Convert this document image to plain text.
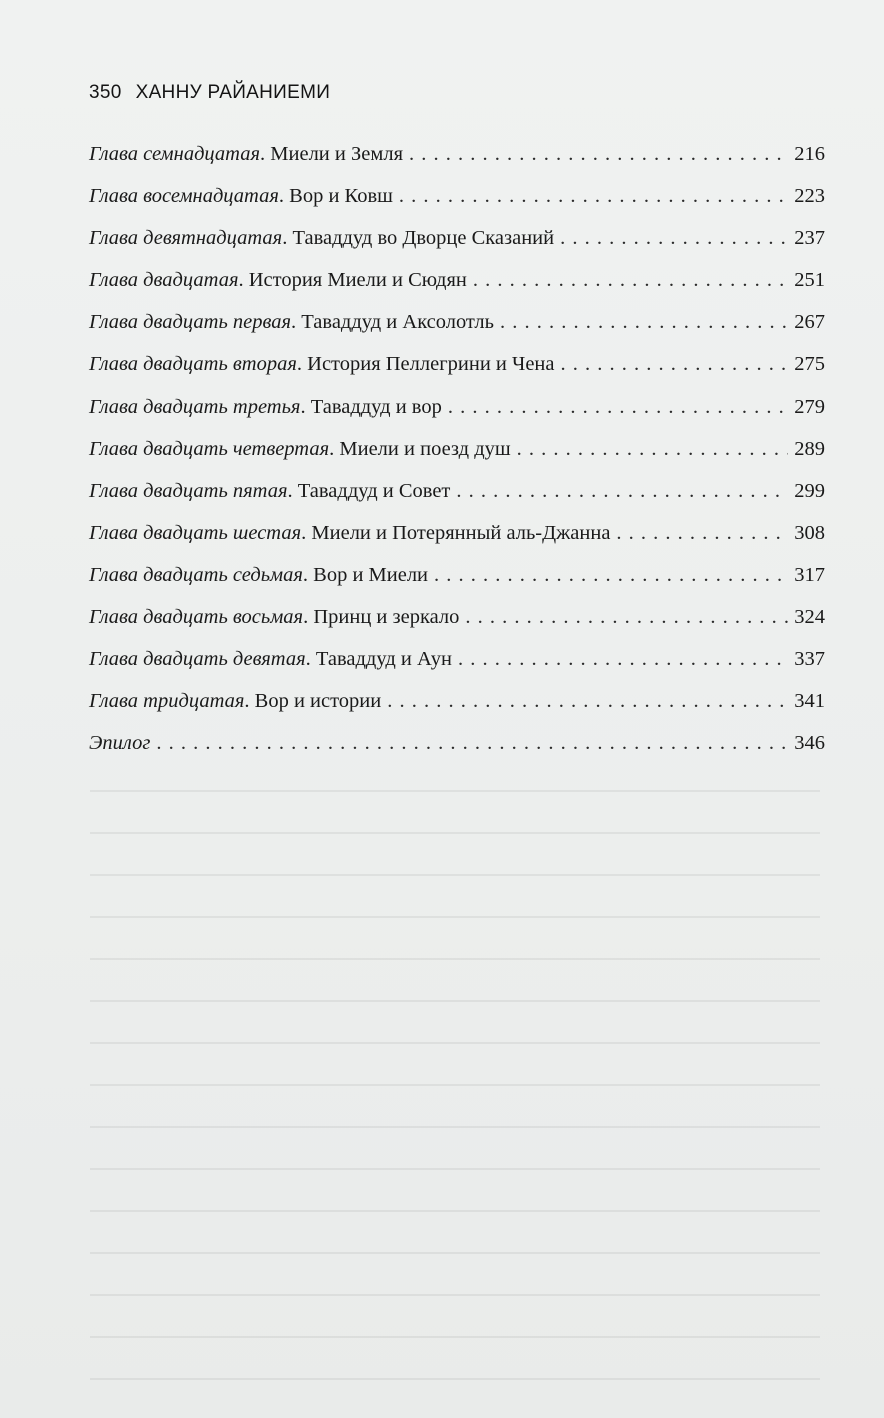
350 ХАННУ РАЙАНИЕМИ
Глава семнадцатая. Миели и Земля . . .	216
Глава восемнадцатая. Вор и Ковш . . .	223
Глава девятнадцатая. Таваддуд во Дворце Сказаний . . .	237
Глава двадцатая. История Миели и Сюдян . . .	251
Глава двадцать первая. Таваддуд и Аксолотль . . .	267
Глава двадцать вторая. История Пеллегрини и Чена . . .	275
Глава двадцать третья. Таваддуд и вор . . .	279
Глава двадцать четвертая. Миели и поезд душ . . .	289
Глава двадцать пятая. Таваддуд и Совет . . .	299
Глава двадцать шестая. Миели и Потерянный аль-Джанна . . .	308
Глава двадцать седьмая. Вор и Миели . . .	317
Глава двадцать восьмая. Принц и зеркало . . .	324
Глава двадцать девятая. Таваддуд и Аун . . .	337
Глава тридцатая. Вор и истории . . .	341
Эпилог . . .	346
